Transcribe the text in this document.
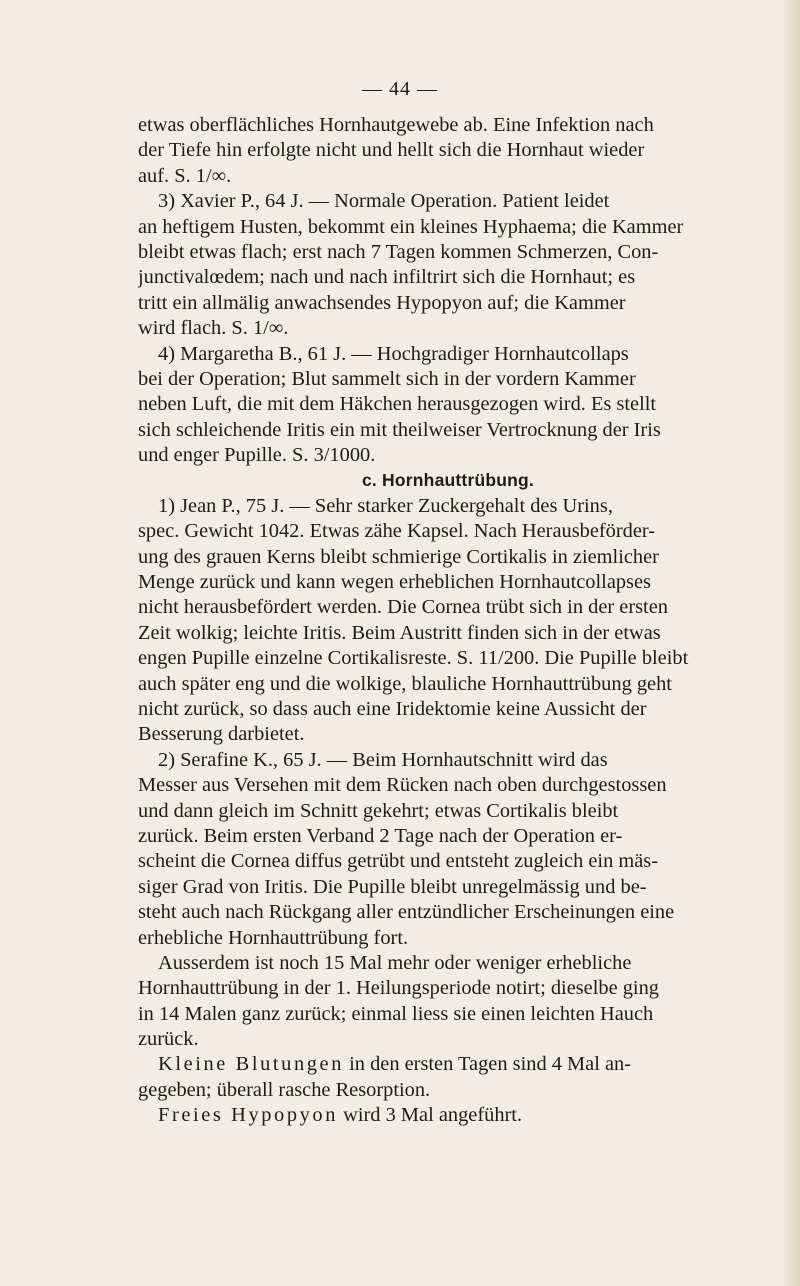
— 44 —
etwas oberflächliches Hornhautgewebe ab. Eine Infektion nach
der Tiefe hin erfolgte nicht und hellt sich die Hornhaut wieder
auf. S. 1/∞.
3) Xavier P., 64 J. — Normale Operation. Patient leidet
an heftigem Husten, bekommt ein kleines Hyphaema; die Kammer
bleibt etwas flach; erst nach 7 Tagen kommen Schmerzen, Con-
junctivalœdem; nach und nach infiltrirt sich die Hornhaut; es
tritt ein allmälig anwachsendes Hypopyon auf; die Kammer
wird flach. S. 1/∞.
4) Margaretha B., 61 J. — Hochgradiger Hornhautcollaps
bei der Operation; Blut sammelt sich in der vordern Kammer
neben Luft, die mit dem Häkchen herausgezogen wird. Es stellt
sich schleichende Iritis ein mit theilweiser Vertrocknung der Iris
und enger Pupille. S. 3/1000.
c. Hornhauttrübung.
1) Jean P., 75 J. — Sehr starker Zuckergehalt des Urins,
spec. Gewicht 1042. Etwas zähe Kapsel. Nach Herausbeförder-
ung des grauen Kerns bleibt schmierige Cortikalis in ziemlicher
Menge zurück und kann wegen erheblichen Hornhautcollapses
nicht herausbefördert werden. Die Cornea trübt sich in der ersten
Zeit wolkig; leichte Iritis. Beim Austritt finden sich in der etwas
engen Pupille einzelne Cortikalisreste. S. 11/200. Die Pupille bleibt
auch später eng und die wolkige, blauliche Hornhauttrübung geht
nicht zurück, so dass auch eine Iridektomie keine Aussicht der
Besserung darbietet.
2) Serafine K., 65 J. — Beim Hornhautschnitt wird das
Messer aus Versehen mit dem Rücken nach oben durchgestossen
und dann gleich im Schnitt gekehrt; etwas Cortikalis bleibt
zurück. Beim ersten Verband 2 Tage nach der Operation er-
scheint die Cornea diffus getrübt und entsteht zugleich ein mäs-
siger Grad von Iritis. Die Pupille bleibt unregelmässig und be-
steht auch nach Rückgang aller entzündlicher Erscheinungen eine
erhebliche Hornhauttrübung fort.
Ausserdem ist noch 15 Mal mehr oder weniger erhebliche
Hornhauttrübung in der 1. Heilungsperiode notirt; dieselbe ging
in 14 Malen ganz zurück; einmal liess sie einen leichten Hauch
zurück.
Kleine Blutungen in den ersten Tagen sind 4 Mal an-
gegeben; überall rasche Resorption.
Freies Hypopyon wird 3 Mal angeführt.
